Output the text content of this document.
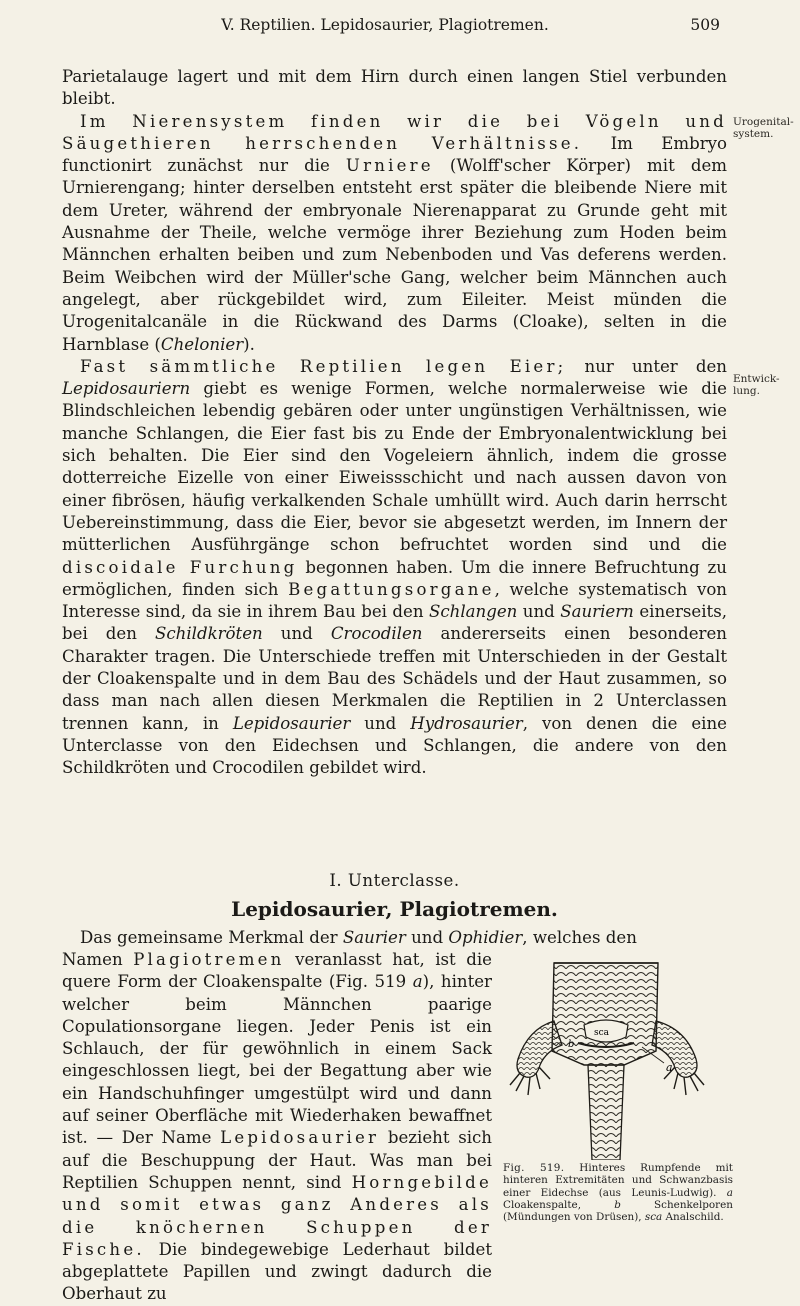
V. Reptilien. Lepidosaurier, Plagiotremen.	509
Urogenital-system.
Entwick-lung.

Parietalauge lagert und mit dem Hirn durch einen langen Stiel verbunden bleibt.

Im Nierensystem finden wir die bei Vögeln und Säugethieren herrschenden Verhältnisse. Im Embryo functionirt zunächst nur die Urniere (Wolff'scher Körper) mit dem Urnierengang; hinter derselben entsteht erst später die bleibende Niere mit dem Ureter, während der embryonale Nierenapparat zu Grunde geht mit Ausnahme der Theile, welche vermöge ihrer Beziehung zum Hoden beim Männchen erhalten beiben und zum Nebenboden und Vas deferens werden. Beim Weibchen wird der Müller'sche Gang, welcher beim Männchen auch angelegt, aber rückgebildet wird, zum Eileiter. Meist münden die Urogenitalcanäle in die Rückwand des Darms (Cloake), selten in die Harnblase (Chelonier).

Fast sämmtliche Reptilien legen Eier; nur unter den Lepidosauriern giebt es wenige Formen, welche normalerweise wie die Blindschleichen lebendig gebären oder unter ungünstigen Verhältnissen, wie manche Schlangen, die Eier fast bis zu Ende der Embryonalentwicklung bei sich behalten. Die Eier sind den Vogeleiern ähnlich, indem die grosse dotterreiche Eizelle von einer Eiweissschicht und nach aussen davon von einer fibrösen, häufig verkalkenden Schale umhüllt wird. Auch darin herrscht Uebereinstimmung, dass die Eier, bevor sie abgesetzt werden, im Innern der mütterlichen Ausführgänge schon befruchtet worden sind und die discoidale Furchung begonnen haben. Um die innere Befruchtung zu ermöglichen, finden sich Begattungsorgane, welche systematisch von Interesse sind, da sie in ihrem Bau bei den Schlangen und Sauriern einerseits, bei den Schildkröten und Crocodilen andererseits einen besonderen Charakter tragen. Die Unterschiede treffen mit Unterschieden in der Gestalt der Cloakenspalte und in dem Bau des Schädels und der Haut zusammen, so dass man nach allen diesen Merkmalen die Reptilien in 2 Unterclassen trennen kann, in Lepidosaurier und Hydrosaurier, von denen die eine Unterclasse von den Eidechsen und Schlangen, die andere von den Schildkröten und Crocodilen gebildet wird.

I. Unterclasse.
Lepidosaurier, Plagiotremen.
Das gemeinsame Merkmal der Saurier und Ophidier, welches den

Namen Plagiotremen veranlasst hat, ist die quere Form der Cloakenspalte (Fig. 519 a), hinter welcher beim Männchen paarige Copulationsorgane liegen. Jeder Penis ist ein Schlauch, der für gewöhnlich in einem Sack eingeschlossen liegt, bei der Begattung aber wie ein Handschuhfinger umgestülpt wird und dann auf seiner Oberfläche mit Wiederhaken bewaffnet ist. — Der Name Lepidosaurier bezieht sich auf die Beschuppung der Haut. Was man bei Reptilien Schuppen nennt, sind Horngebilde und somit etwas ganz Anderes als die knöchernen Schuppen der Fische. Die bindegewebige Lederhaut bildet abgeplattete Papillen und zwingt dadurch die Oberhaut zu

sca
b
a
Fig. 519. Hinteres Rumpfende mit hinteren Extremitäten und Schwanzbasis einer Eidechse (aus Leunis-Ludwig). a Cloakenspalte, b Schenkelporen (Mündungen von Drüsen), sca Analschild.
